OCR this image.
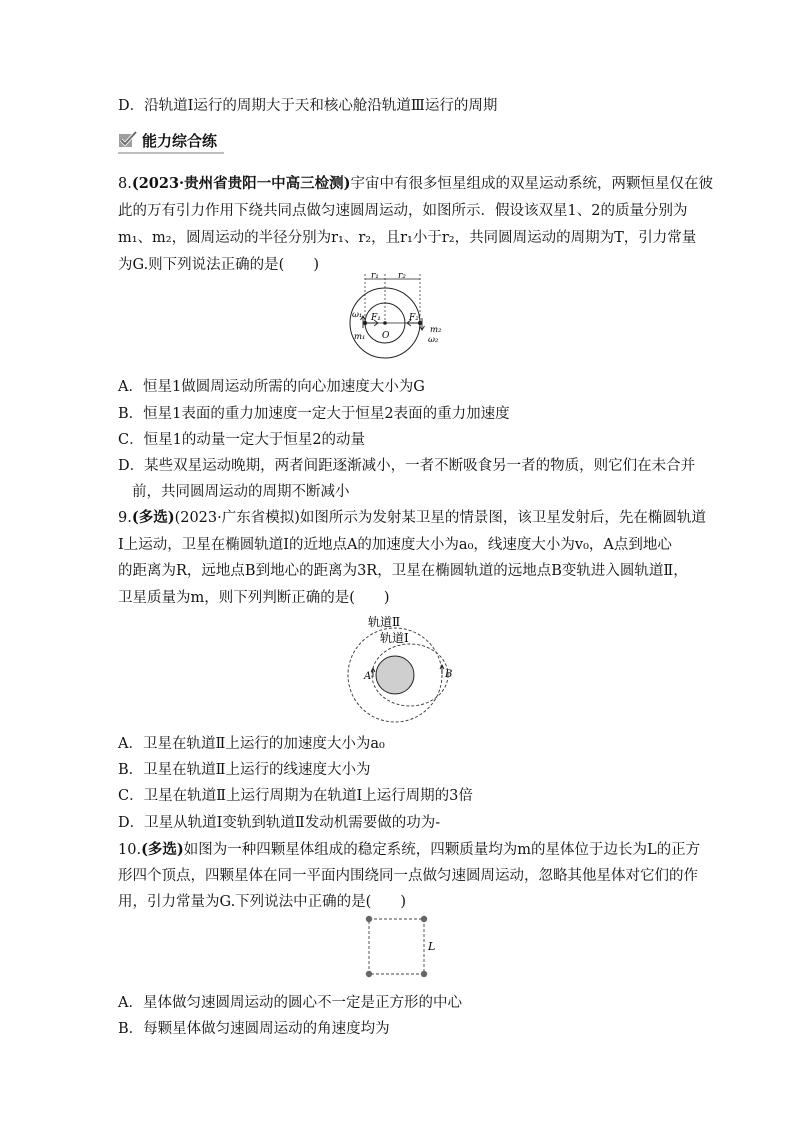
D．沿轨道Ⅰ运行的周期大于天和核心舱沿轨道Ⅲ运行的周期
能力综合练
8.(2023·贵州省贵阳一中高三检测)宇宙中有很多恒星组成的双星运动系统，两颗恒星仅在彼
此的万有引力作用下绕共同点做匀速圆周运动，如图所示．假设该双星1、2的质量分别为
m₁、m₂，圆周运动的半径分别为r₁、r₂，且r₁小于r₂，共同圆周运动的周期为T，引力常量
为G.则下列说法正确的是(　　)
r₁ r₂
F₁	F₂
O
ω₁
m₁
m₂
ω₂
A．恒星1做圆周运动所需的向心加速度大小为G
B．恒星1表面的重力加速度一定大于恒星2表面的重力加速度
C．恒星1的动量一定大于恒星2的动量
D．某些双星运动晚期，两者间距逐渐减小，一者不断吸食另一者的物质，则它们在未合并
前，共同圆周运动的周期不断减小
9.(多选)(2023·广东省模拟)如图所示为发射某卫星的情景图，该卫星发射后，先在椭圆轨道
Ⅰ上运动，卫星在椭圆轨道Ⅰ的近地点A的加速度大小为a₀，线速度大小为v₀，A点到地心
的距离为R，远地点B到地心的距离为3R，卫星在椭圆轨道的远地点B变轨进入圆轨道Ⅱ，
卫星质量为m，则下列判断正确的是(　　)
轨道Ⅱ
轨道Ⅰ
A	B
A．卫星在轨道Ⅱ上运行的加速度大小为a₀
B．卫星在轨道Ⅱ上运行的线速度大小为
C．卫星在轨道Ⅱ上运行周期为在轨道Ⅰ上运行周期的3倍
D．卫星从轨道Ⅰ变轨到轨道Ⅱ发动机需要做的功为-
10.(多选)如图为一种四颗星体组成的稳定系统，四颗质量均为m的星体位于边长为L的正方
形四个顶点，四颗星体在同一平面内围绕同一点做匀速圆周运动，忽略其他星体对它们的作
用，引力常量为G.下列说法中正确的是(　　)
L
A．星体做匀速圆周运动的圆心不一定是正方形的中心
B．每颗星体做匀速圆周运动的角速度均为
